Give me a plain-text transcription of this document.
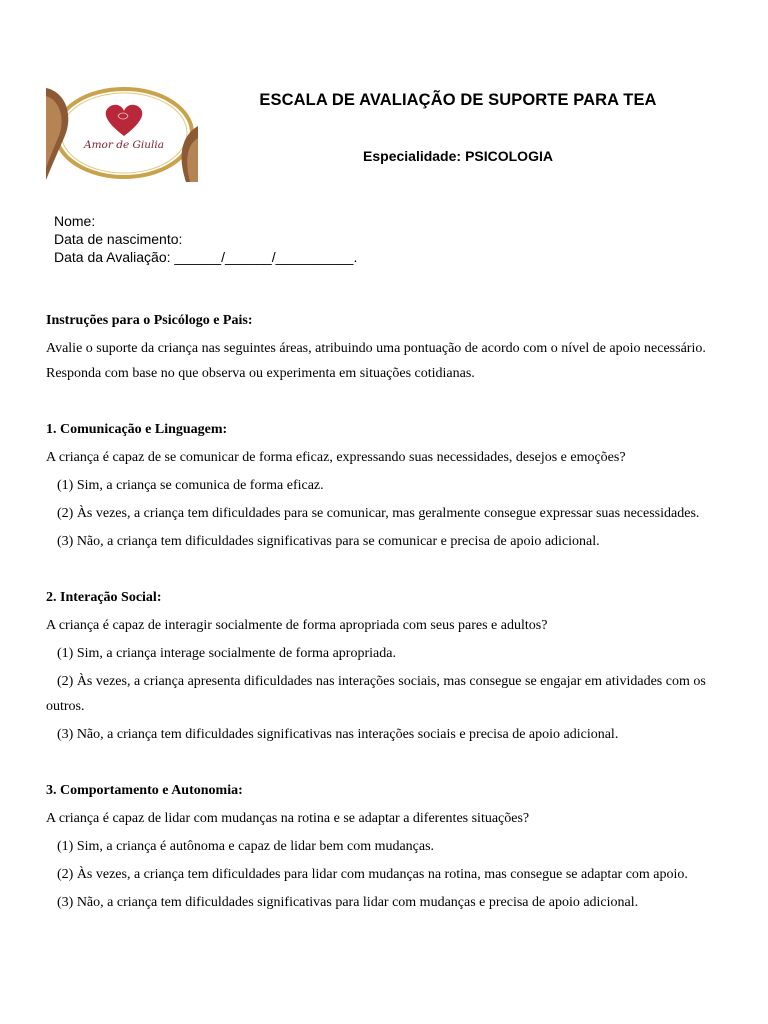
Amor de Giulia
ESCALA DE AVALIAÇÃO DE SUPORTE PARA TEA
Especialidade: PSICOLOGIA
Nome:
Data de nascimento:
Data da Avaliação: ______/______/__________.

Instruções para o Psicólogo e Pais:

Avalie o suporte da criança nas seguintes áreas, atribuindo uma pontuação de acordo com o nível de apoio necessário. Responda com base no que observa ou experimenta em situações cotidianas.

1. Comunicação e Linguagem:

A criança é capaz de se comunicar de forma eficaz, expressando suas necessidades, desejos e emoções?

(1) Sim, a criança se comunica de forma eficaz.

(2) Às vezes, a criança tem dificuldades para se comunicar, mas geralmente consegue expressar suas necessidades.

(3) Não, a criança tem dificuldades significativas para se comunicar e precisa de apoio adicional.

2. Interação Social:

A criança é capaz de interagir socialmente de forma apropriada com seus pares e adultos?

(1) Sim, a criança interage socialmente de forma apropriada.

(2) Às vezes, a criança apresenta dificuldades nas interações sociais, mas consegue se engajar em atividades com os outros.

(3) Não, a criança tem dificuldades significativas nas interações sociais e precisa de apoio adicional.

3. Comportamento e Autonomia:

A criança é capaz de lidar com mudanças na rotina e se adaptar a diferentes situações?

(1) Sim, a criança é autônoma e capaz de lidar bem com mudanças.

(2) Às vezes, a criança tem dificuldades para lidar com mudanças na rotina, mas consegue se adaptar com apoio.

(3) Não, a criança tem dificuldades significativas para lidar com mudanças e precisa de apoio adicional.
